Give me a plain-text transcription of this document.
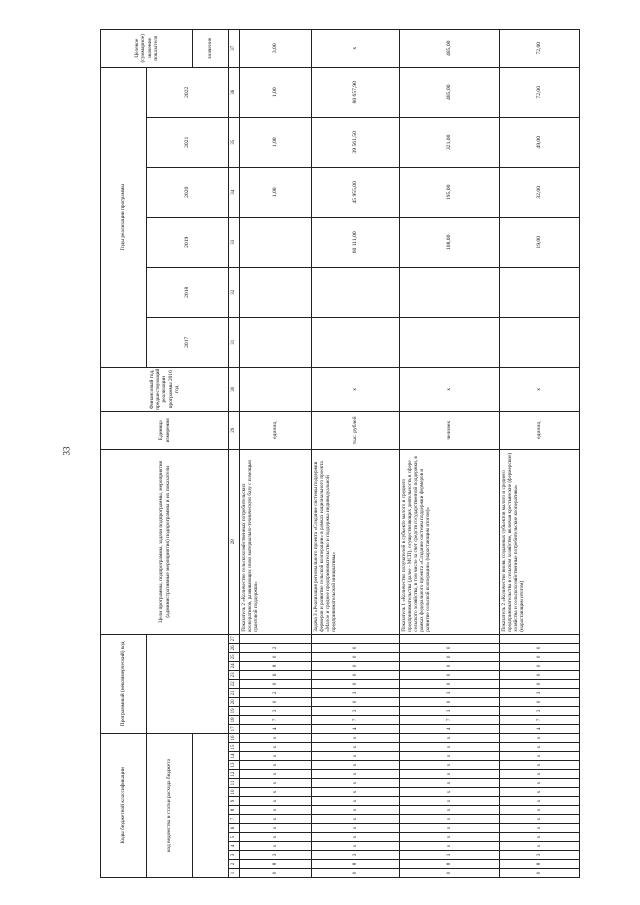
33
Коды бюджетной классификации																Программный (некоммерческий) код											Цели программы, подпрограммы, задачи подпрограммы, мероприятия (административные мероприятия) подпрограммы и их показатели	Единица измерения	Финансовый год, предшествующий реализации программы 2016 год	Годы реализации программы						Целевое (суммарное) значение показателя
код ведомства и статьи расхода бюджета																														2017	2018	2019	2020	2021	2022	
																																				значение
1	2	3	4	5	6	7	8	9	10	11	12	13	14	15	16	17	18	19	20	21	22	23	24	25	26	27	28	29	30	31	32	33	34	35	36	37
0	8	3	x	x	x	x	x	x	x	x	x	x	x	x	x	4	7	3	0	2	0	6	8	0	2		Показатель 2 «Количество сельскохозяйственных потребительских кооперативов, развивающих свою материально-техническую базу с помощью грантовой поддержки»	единиц					1,00	1,00	1,00	3,00
0	8	3	x	x	x	x	x	x	x	x	x	x	x	x	x	4	7	3	0	3	0	0	0	0	0		Задача 3 «Реализация регионального проекта «Создание системы поддержки фермеров и развитие сельской кооперации» в рамках национального проекта «Малое и среднее предпринимательство и поддержка индивидуальной предпринимательской инициативы»	тыс. рублей	x			60 111,00	45 955,00	39 561,50	80 657,90	x
0	8	3	x	x	x	x	x	x	x	x	x	x	x	x	x	4	7	3	0	3	0	0	0	0	0		Показатель 1 «Количество получателей в субъекте малого и среднего предпринимательства (далее - МСП), осуществляющих деятельность в сфере сельского хозяйства, в том числе за счет средств государственной поддержки, в рамках федерального проекта «Создание системы поддержки фермеров и развитие сельской кооперации» (нарастающим итогом)»	человек	x			108,00	195,00	321,00	485,00	485,00
0	8	3	x	x	x	x	x	x	x	x	x	x	x	x	x	4	7	3	0	3	0	0	0	0	0		Показатель 2 «Количество вновь созданных субъектов малого и среднего предпринимательства в сельском хозяйстве, включая крестьянские (фермерские) хозяйства и сельскохозяйственные потребительские кооперативы» (нарастающим итогом)	единиц	x			19,00	32,00	49,00	72,00	72,00
